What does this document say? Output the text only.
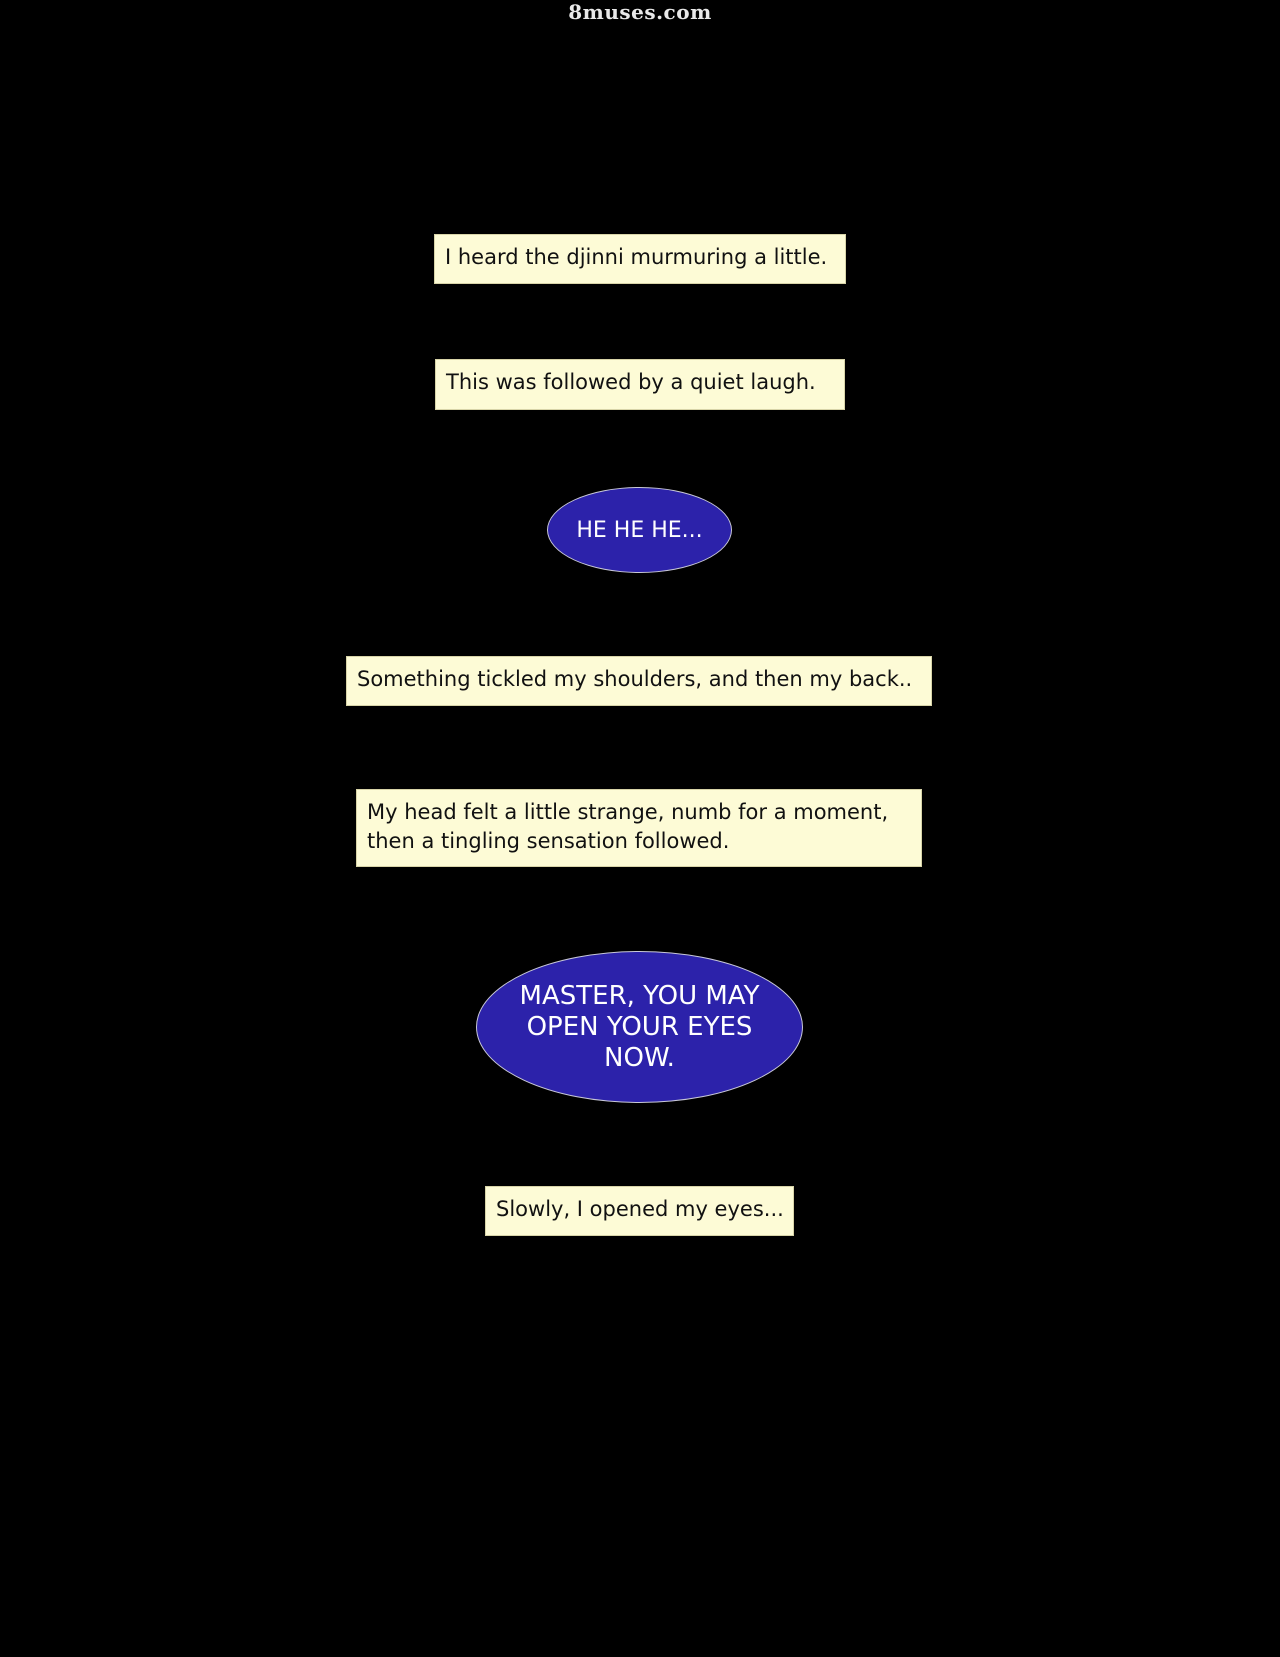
8muses.com
I heard the djinni murmuring a little.
This was followed by a quiet laugh.
HE HE HE...
Something tickled my shoulders, and then my back..
My head felt a little strange, numb for a moment,
then a tingling sensation followed.
MASTER, YOU MAY
OPEN YOUR EYES
NOW.
Slowly, I opened my eyes...
